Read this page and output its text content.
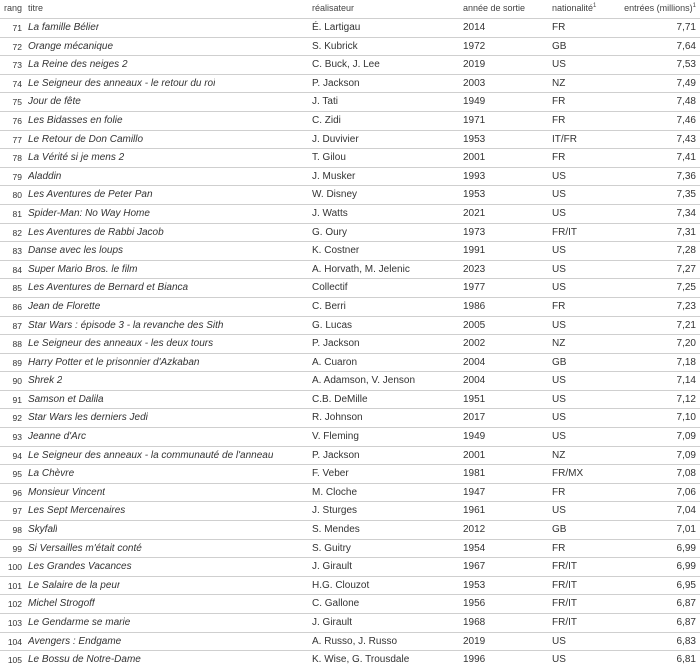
rang titre	réalisateur	année de sortie	nationalité$^1$	entrées (millions)$^1$
71 La famille Bélier	É. Lartigau	2014	FR	7,71
72 Orange mécanique	S. Kubrick	1972	GB	7,64
73 La Reine des neiges 2	C. Buck, J. Lee	2019	US	7,53
74 Le Seigneur des anneaux - le retour du roi	P. Jackson	2003	NZ	7,49
75 Jour de fête	J. Tati	1949	FR	7,48
76 Les Bidasses en folie	C. Zidi	1971	FR	7,46
77 Le Retour de Don Camillo	J. Duvivier	1953	IT/FR	7,43
78 La Vérité si je mens 2	T. Gilou	2001	FR	7,41
79 Aladdin	J. Musker	1993	US	7,36
80 Les Aventures de Peter Pan	W. Disney	1953	US	7,35
81 Spider-Man: No Way Home	J. Watts	2021	US	7,34
82 Les Aventures de Rabbi Jacob	G. Oury	1973	FR/IT	7,31
83 Danse avec les loups	K. Costner	1991	US	7,28
84 Super Mario Bros. le film	A. Horvath, M. Jelenic	2023	US	7,27
85 Les Aventures de Bernard et Bianca	Collectif	1977	US	7,25
86 Jean de Florette	C. Berri	1986	FR	7,23
87 Star Wars : épisode 3 - la revanche des Sith	G. Lucas	2005	US	7,21
88 Le Seigneur des anneaux - les deux tours	P. Jackson	2002	NZ	7,20
89 Harry Potter et le prisonnier d'Azkaban	A. Cuaron	2004	GB	7,18
90 Shrek 2	A. Adamson, V. Jenson	2004	US	7,14
91 Samson et Dalila	C.B. DeMille	1951	US	7,12
92 Star Wars les derniers Jedi	R. Johnson	2017	US	7,10
93 Jeanne d'Arc	V. Fleming	1949	US	7,09
94 Le Seigneur des anneaux - la communauté de l'anneau	P. Jackson	2001	NZ	7,09
95 La Chèvre	F. Veber	1981	FR/MX	7,08
96 Monsieur Vincent	M. Cloche	1947	FR	7,06
97 Les Sept Mercenaires	J. Sturges	1961	US	7,04
98 Skyfall	S. Mendes	2012	GB	7,01
99 Si Versailles m'était conté	S. Guitry	1954	FR	6,99
100 Les Grandes Vacances	J. Girault	1967	FR/IT	6,99
101 Le Salaire de la peur	H.G. Clouzot	1953	FR/IT	6,95
102 Michel Strogoff	C. Gallone	1956	FR/IT	6,87
103 Le Gendarme se marie	J. Girault	1968	FR/IT	6,87
104 Avengers : Endgame	A. Russo, J. Russo	2019	US	6,83
105 Le Bossu de Notre-Dame	K. Wise, G. Trousdale	1996	US	6,81
